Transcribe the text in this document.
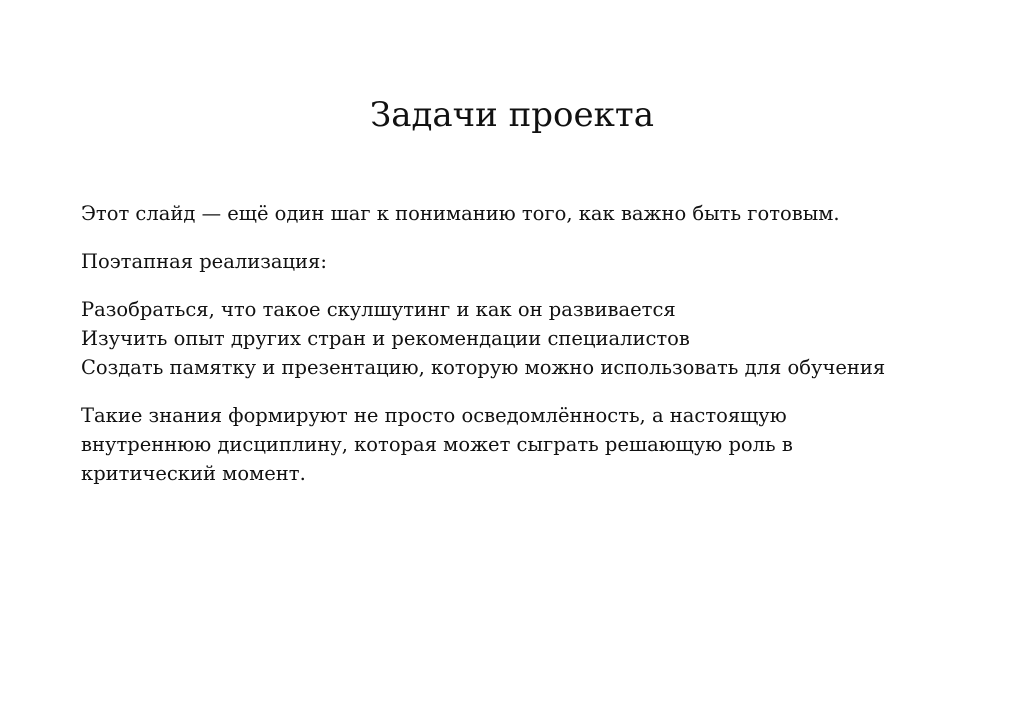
Задачи проекта

Этот слайд — ещё один шаг к пониманию того, как важно быть готовым.

Поэтапная реализация:

Разобраться, что такое скулшутинг и как он развивается
Изучить опыт других стран и рекомендации специалистов
Создать памятку и презентацию, которую можно использовать для обучения
Такие знания формируют не просто осведомлённость, а настоящую
внутреннюю дисциплину, которая может сыграть решающую роль в
критический момент.
